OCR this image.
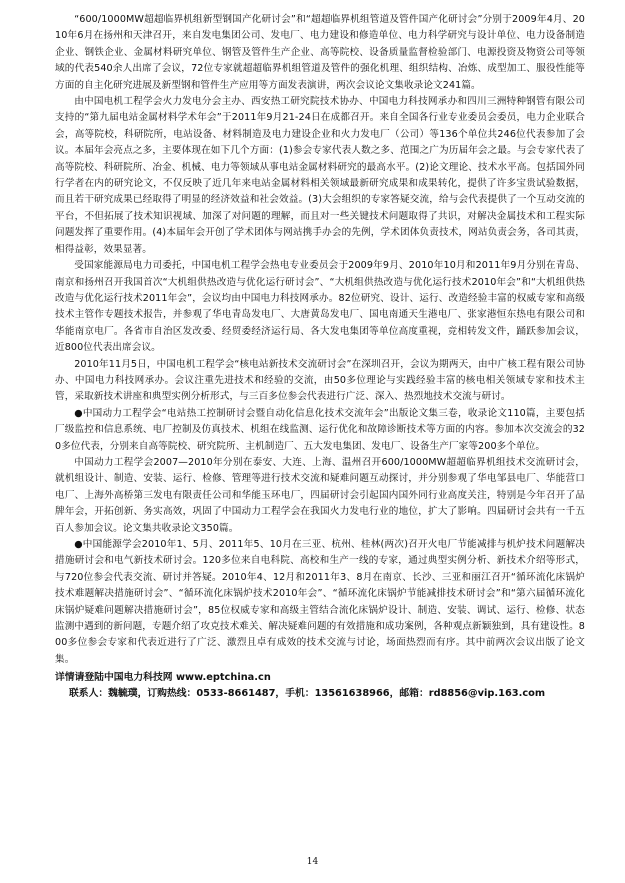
“600/1000MW超超临界机组新型钢国产化研讨会”和“超超临界机组管道及管件国产化研讨会”分别于2009年4月、2010年6月在扬州和天津召开，来自发电集团公司、发电厂、电力建设和修造单位、电力科学研究与设计单位、电力设备制造企业、钢铁企业、金属材料研究单位、钢管及管件生产企业、高等院校、设备质量监督检验部门、电源投资及物资公司等领域的代表540余人出席了会议，72位专家就超超临界机组管道及管件的强化机理、组织结构、冶炼、成型加工、服役性能等方面的自主化研究进展及新型钢和管件生产应用等方面发表演讲，两次会议论文集收录论文241篇。

由中国电机工程学会火力发电分会主办、西安热工研究院技术协办、中国电力科技网承办和四川三洲特种钢管有限公司支持的“第九届电站金属材料学术年会”于2011年9月21-24日在成都召开。来自全国各行业专业委员会委员，电力企业联合会，高等院校，科研院所，电站设备、材料制造及电力建设企业和火力发电厂（公司）等136个单位共246位代表参加了会议。本届年会亮点之多，主要体现在如下几个方面：(1)参会专家代表人数之多、范围之广为历届年会之最。与会专家代表了高等院校、科研院所、冶金、机械、电力等领域从事电站金属材料研究的最高水平。(2)论文理论、技术水平高。包括国外同行学者在内的研究论文，不仅反映了近几年来电站金属材料相关领域最新研究成果和成果转化，提供了许多宝贵试验数据，而且若干研究成果已经取得了明显的经济效益和社会效益。(3)大会组织的专家答疑交流，给与会代表提供了一个互动交流的平台，不但拓展了技术知识视域、加深了对问题的理解，而且对一些关键技术问题取得了共识，对解决金属技术和工程实际问题发挥了重要作用。(4)本届年会开创了学术团体与网站携手办会的先例，学术团体负责技术，网站负责会务，各司其责，相得益彰，效果显著。

受国家能源局电力司委托，中国电机工程学会热电专业委员会于2009年9月、2010年10月和2011年9月分别在青岛、南京和扬州召开我国首次“大机组供热改造与优化运行研讨会”、“大机组供热改造与优化运行技术2010年会”和“大机组供热改造与优化运行技术2011年会”，会议均由中国电力科技网承办。82位研究、设计、运行、改造经验丰富的权威专家和高级技术主管作专题技术报告，并参观了华电青岛发电厂、大唐黄岛发电厂、国电南通天生港电厂、张家港恒东热电有限公司和华能南京电厂。各省市自治区发改委、经贸委经济运行局、各大发电集团等单位高度重视，竞相转发文件，踊跃参加会议，近800位代表出席会议。

2010年11月5日，中国电机工程学会“核电站新技术交流研讨会”在深圳召开，会议为期两天，由中广核工程有限公司协办、中国电力科技网承办。会议注重先进技术和经验的交流，由50多位理论与实践经验丰富的核电相关领域专家和技术主管，采取新技术讲座和典型实例分析形式，与三百多位参会代表进行广泛、深入、热烈地技术交流与研讨。

●中国动力工程学会“电站热工控制研讨会暨自动化信息化技术交流年会”出版论文集三卷，收录论文110篇，主要包括厂级监控和信息系统、电厂控制及仿真技术、机组在线监测、运行优化和故障诊断技术等方面的内容。参加本次交流会的320多位代表，分别来自高等院校、研究院所、主机制造厂、五大发电集团、发电厂、设备生产厂家等200多个单位。

中国动力工程学会2007—2010年分别在泰安、大连、上海、温州召开600/1000MW超超临界机组技术交流研讨会，就机组设计、制造、安装、运行、检修、管理等进行技术交流和疑难问题互动探讨，并分别参观了华电邹县电厂、华能营口电厂、上海外高桥第三发电有限责任公司和华能玉环电厂，四届研讨会引起国内国外同行业高度关注，特别是今年召开了品牌年会，开拓创新、务实高效，巩固了中国动力工程学会在我国火力发电行业的地位，扩大了影响。四届研讨会共有一千五百人参加会议。论文集共收录论文350篇。

●中国能源学会2010年1、5月、2011年5、10月在三亚、杭州、桂林(两次)召开火电厂节能减排与机炉技术问题解决措施研讨会和电气新技术研讨会。120多位来自电科院、高校和生产一线的专家，通过典型实例分析、新技术介绍等形式，与720位参会代表交流、研讨并答疑。2010年4、12月和2011年3、8月在南京、长沙、三亚和丽江召开“循环流化床锅炉技术难题解决措施研讨会”、“循环流化床锅炉技术2010年会”、“循环流化床锅炉节能减排技术研讨会”和“第六届循环流化床锅炉疑难问题解决措施研讨会”，85位权威专家和高级主管结合流化床锅炉设计、制造、安装、调试、运行、检修、状态监测中遇到的新问题，专题介绍了攻克技术难关、解决疑难问题的有效措施和成功案例，各种观点新颖独到，具有建设性。800多位参会专家和代表近进行了广泛、激烈且卓有成效的技术交流与讨论，场面热烈而有序。其中前两次会议出版了论文集。

详情请登陆中国电力科技网 www.eptchina.cn
联系人：魏毓璞，订购热线：0533-8661487，手机：13561638966，邮箱：rd8856@vip.163.com
14
